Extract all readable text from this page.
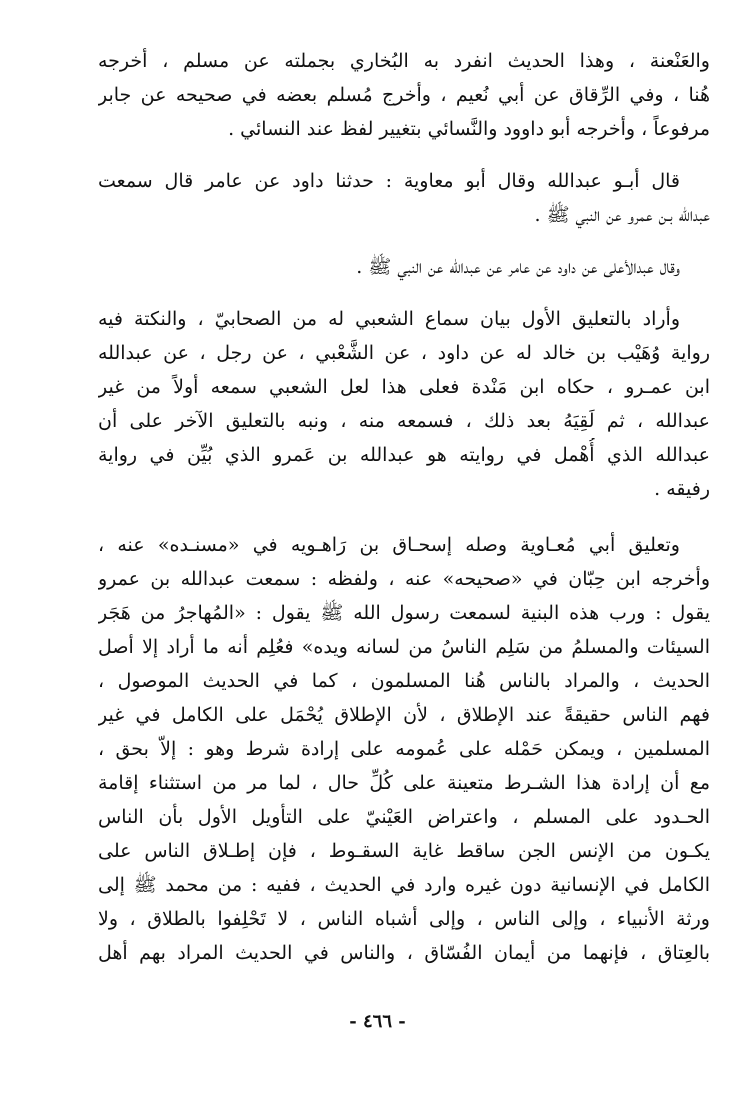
والعَنْعنة ، وهذا الحديث انفرد به البُخاري بجملته عن مسلم ، أخرجه
هُنا ، وفي الرِّقاق عن أبي نُعيم ، وأخرج مُسلم بعضه في صحيحه عن جابر
مرفوعاً ، وأخرجه أبو داوود والنَّسائي بتغيير لفظ عند النسائي .
قال أبـو عبدالله وقال أبو معاوية : حدثنا داود عن عامر قال سمعت
عبدالله بـن عمرو عن النبي ﷺ .
وقال عبدالأعلى عن داود عن عامر عن عبدالله عن النبي ﷺ .
وأراد بالتعليق الأول بيان سماع الشعبي له من الصحابيّ ، والنكتة فيه
رواية وُهَيْب بن خالد له عن داود ، عن الشَّعْبي ، عن رجل ، عن عبدالله
ابن عمـرو ، حكاه ابن مَنْدة فعلى هذا لعل الشعبي سمعه أولاً من غير
عبدالله ، ثم لَقِيَهُ بعد ذلك ، فسمعه منه ، ونبه بالتعليق الآخر على أن
عبدالله الذي أُهْمل في روايته هو عبدالله بن عَمرو الذي بُيِّن في رواية
رفيقه .
وتعليق أبي مُعـاوية وصله إسحـاق بن رَاهـويه في «مسنـده» عنه ،
وأخرجه ابن حِبّان في «صحيحه» عنه ، ولفظه : سمعت عبدالله بن عمرو
يقول : ورب هذه البنية لسمعت رسول الله ﷺ يقول : «المُهاجرُ من هَجَر
السيئات والمسلمُ من سَلِم الناسُ من لسانه ويده» فعُلِم أنه ما أراد إلا أصل
الحديث ، والمراد بالناس هُنا المسلمون ، كما في الحديث الموصول ،
فهم الناس حقيقةً عند الإطلاق ، لأن الإطلاق يُحْمَل على الكامل في غير
المسلمين ، ويمكن حَمْله على عُمومه على إرادة شرط وهو : إلاّ بحق ،
مع أن إرادة هذا الشـرط متعينة على كُلِّ حال ، لما مر من استثناء إقامة
الحـدود على المسلم ، واعتراض العَيْنيّ على التأويل الأول بأن الناس
يكـون من الإنس الجن ساقط غاية السقـوط ، فإن إطـلاق الناس على
الكامل في الإنسانية دون غيره وارد في الحديث ، ففيه : من محمد ﷺ إلى
ورثة الأنبياء ، وإلى الناس ، وإلى أشباه الناس ، لا تَحْلِفوا بالطلاق ، ولا
بالعِتاق ، فإنهما من أيمان الفُسّاق ، والناس في الحديث المراد بهم أهل
- ٤٦٦ -
